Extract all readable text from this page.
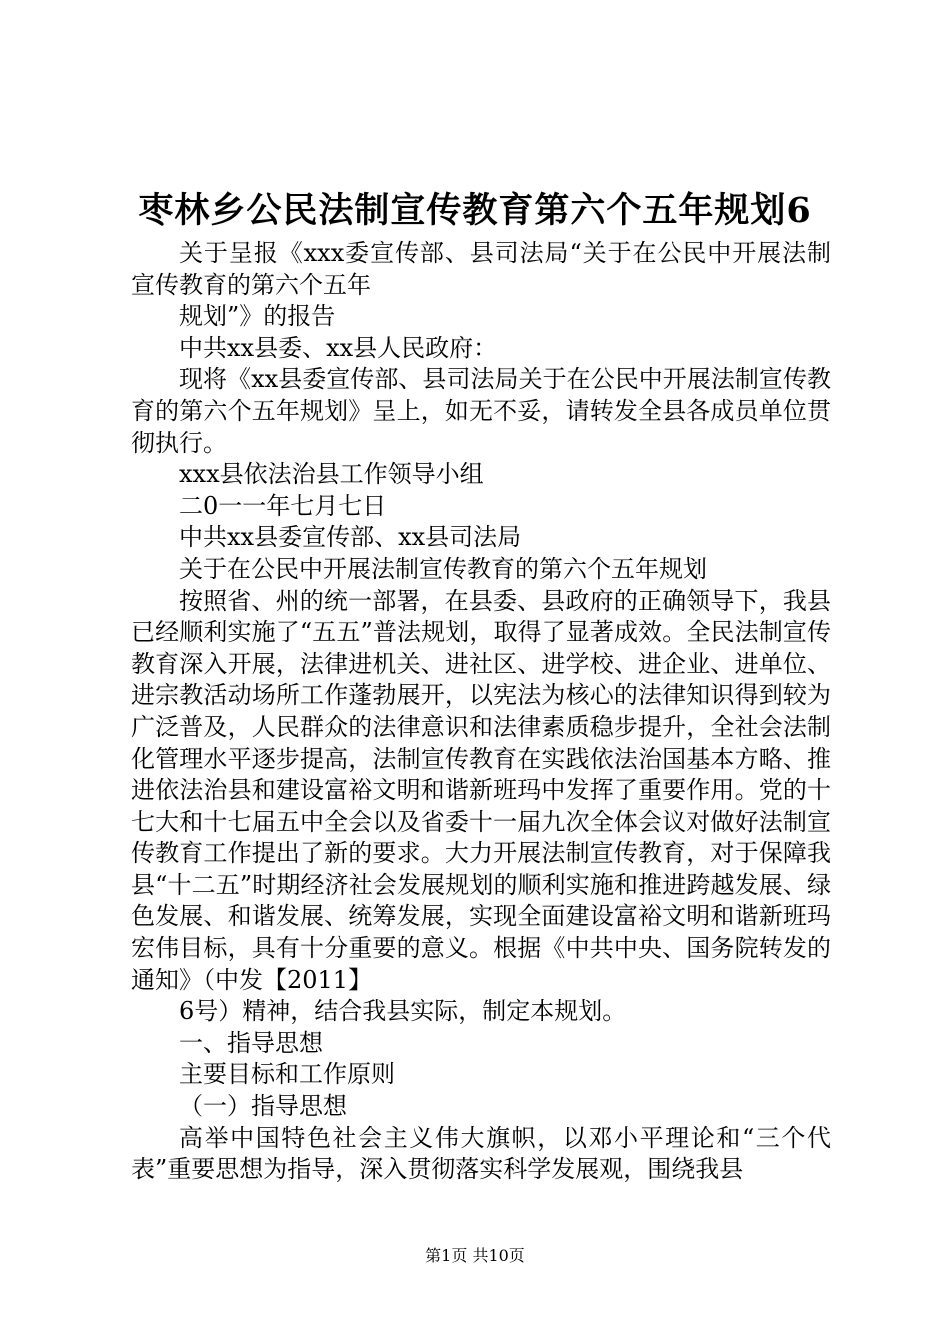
枣林乡公民法制宣传教育第六个五年规划6

关于呈报《xxx委宣传部、县司法局“关于在公民中开展法制宣传教育的第六个五年

规划”》的报告

中共xx县委、xx县人民政府：

现将《xx县委宣传部、县司法局关于在公民中开展法制宣传教育的第六个五年规划》呈上，如无不妥，请转发全县各成员单位贯彻执行。

xxx县依法治县工作领导小组

二0一一年七月七日

中共xx县委宣传部、xx县司法局

关于在公民中开展法制宣传教育的第六个五年规划

按照省、州的统一部署，在县委、县政府的正确领导下，我县已经顺利实施了“五五”普法规划，取得了显著成效。全民法制宣传教育深入开展，法律进机关、进社区、进学校、进企业、进单位、进宗教活动场所工作蓬勃展开，以宪法为核心的法律知识得到较为广泛普及，人民群众的法律意识和法律素质稳步提升，全社会法制化管理水平逐步提高，法制宣传教育在实践依法治国基本方略、推进依法治县和建设富裕文明和谐新班玛中发挥了重要作用。党的十七大和十七届五中全会以及省委十一届九次全体会议对做好法制宣传教育工作提出了新的要求。大力开展法制宣传教育，对于保障我县“十二五”时期经济社会发展规划的顺利实施和推进跨越发展、绿色发展、和谐发展、统筹发展，实现全面建设富裕文明和谐新班玛宏伟目标，具有十分重要的意义。根据《中共中央、国务院转发的通知》（中发【2011】

6号）精神，结合我县实际，制定本规划。

一、指导思想

主要目标和工作原则

（一）指导思想

高举中国特色社会主义伟大旗帜，以邓小平理论和“三个代表”重要思想为指导，深入贯彻落实科学发展观，围绕我县

第1页 共10页
